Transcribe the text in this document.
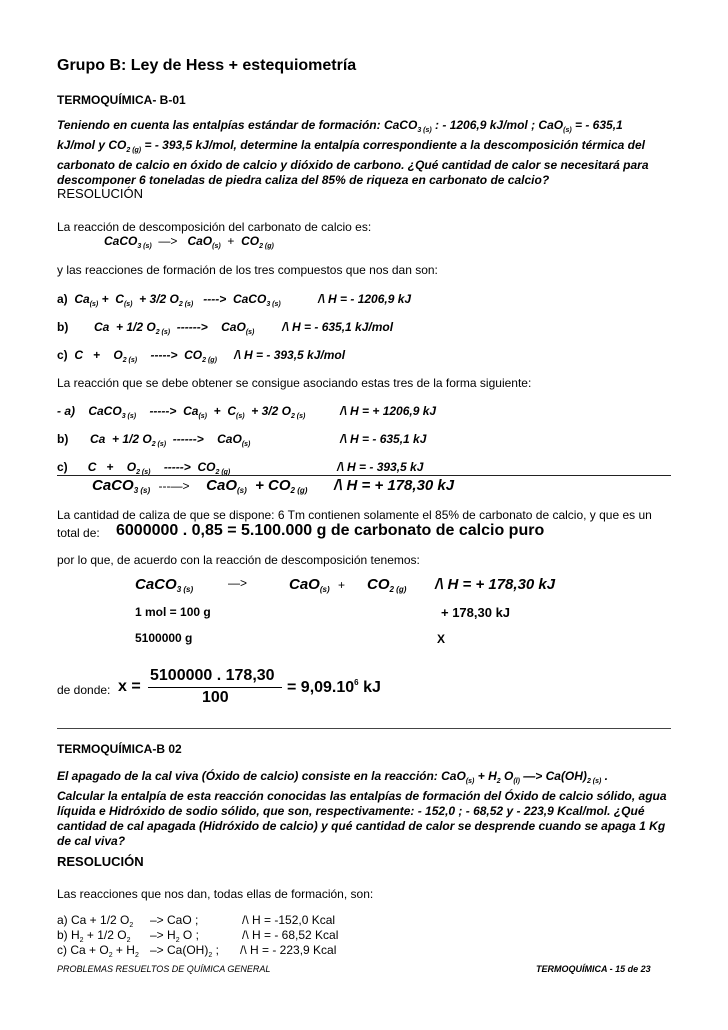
Grupo B: Ley de Hess + estequiometría
TERMOQUÍMICA- B-01
Teniendo en cuenta las entalpías estándar de formación: CaCO$_{3 (s)}$ : - 1206,9 kJ/mol ; CaO$_{(s)}$ = - 635,1
kJ/mol y $CO_{2 (g)}$ = - 393,5 kJ/mol, determine la entalpía correspondiente a la descomposición térmica del
carbonato de calcio en óxido de calcio y dióxido de carbono. ¿Qué cantidad de calor se necesitará para
descomponer 6 toneladas de piedra caliza del 85% de riqueza en carbonato de calcio?
RESOLUCIÓN
La reacción de descomposición del carbonato de calcio es:
CaCO$_{3 (s)}$ —> $CaO_{(s)} + CO_{2 (g)}$
y las reacciones de formación de los tres compuestos que nos dan son:
a) $Ca_{(s)} + C_{(s)} + 3/2$ $O_{2 (s)}$ ----> CaCO$_{3 (s)}$	/\ H = - 1206,9 kJ
b) Ca  + 1/2 $O_{2 (s)}$ ------> CaO$_{(s)}$ /\ H = - 635,1 kJ/mol
c) C   +    $O_{2 (s)}$ -----> $CO_{2 (g)}$ /\ H = - 393,5 kJ/mol
La reacción que se debe obtener se consigue asociando estas tres de la forma siguiente:
- a) CaCO$_{3 (s)}$ -----> $Ca_{(s)} + C_{(s)} + 3/2$ $O_{2 (s)}$	/\ H = + 1206,9 kJ
b) Ca  + 1/2 $O_{2 (s)}$ ------> CaO$_{(s)}$	/\ H = - 635,1 kJ
c) C   +    $O_{2 (s)}$ -----> $CO_{2 (g)}$	/\ H = - 393,5 kJ
CaCO$_{3 (s)}$ ---—> $CaO_{(s)} + CO_{2 (g)}$ /\ H = + 178,30 kJ
La cantidad de caliza de que se dispone: 6 Tm contienen solamente el 85% de carbonato de calcio, y que es un
total de: 6000000 . 0,85 = 5.100.000 g de carbonato de calcio puro
por lo que, de acuerdo con la reacción de descomposición tenemos:
CaCO$_{3 (s)}$	—>	$CaO_{(s)} + CO_{2 (g)}$ /\ H = + 178,30 kJ
1 mol = 100 g	+ 178,30 kJ
5100000 g	X
de donde: x =
5100000 . 178,30
100
= $9,09.10^6$ kJ
TERMOQUÍMICA-B 02
El apagado de la cal viva (Óxido de calcio) consiste en la reacción: $CaO_{(s)} + H_2$ $O_{(l)}$ —> $Ca(OH)_{2 (s)}$ .
Calcular la entalpía de esta reacción conocidas las entalpías de formación del Óxido de calcio sólido, agua
líquida e Hidróxido de sodio sólido, que son, respectivamente: - 152,0 ; - 68,52 y - 223,9 Kcal/mol. ¿Qué
cantidad de cal apagada (Hidróxido de calcio) y qué cantidad de calor se desprende cuando se apaga 1 Kg
de cal viva?
RESOLUCIÓN
Las reacciones que nos dan, todas ellas de formación, son:
a) Ca + 1/2 $O_2$ –> CaO ;	/\ H = -152,0 Kcal
b) $H_2 + 1/2$ $O_2 -> H_2$ O ;	/\ H = - 68,52 Kcal
c) $Ca + O_2 + H_2 -> Ca(OH)_2$ ; /\ H = - 223,9 Kcal
PROBLEMAS RESUELTOS DE QUÍMICA GENERAL	TERMOQUÍMICA - 15 de 23
